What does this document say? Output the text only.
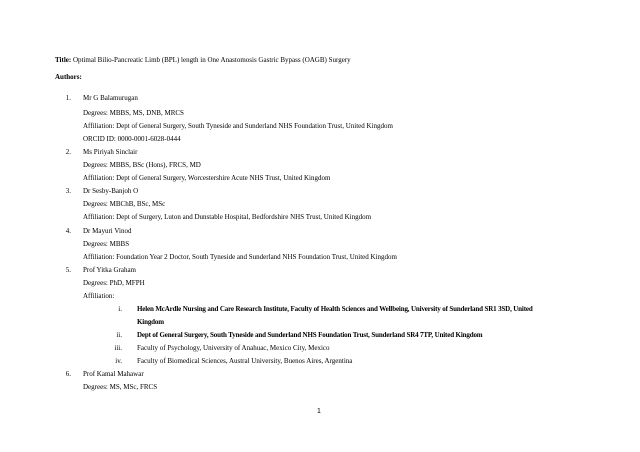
Title: Optimal Bilio-Pancreatic Limb (BPL) length in One Anastomosis Gastric Bypass (OAGB) Surgery
Authors:
1. Mr G Balamurugan
Degrees: MBBS, MS, DNB, MRCS
Affiliation: Dept of General Surgery, South Tyneside and Sunderland NHS Foundation Trust, United Kingdom
ORCID ID: 0000-0001-6028-0444
2. Ms Piriyah Sinclair
Degrees: MBBS, BSc (Hons), FRCS, MD
Affiliation: Dept of General Surgery, Worcestershire Acute NHS Trust, United Kingdom
3. Dr Sesby-Banjoh O
Degrees: MBChB, BSc, MSc
Affiliation: Dept of Surgery, Luton and Dunstable Hospital, Bedfordshire NHS Trust, United Kingdom
4. Dr Mayuri Vinod
Degrees: MBBS
Affiliation: Foundation Year 2 Doctor, South Tyneside and Sunderland NHS Foundation Trust, United Kingdom
5. Prof Yitka Graham
Degrees: PhD, MFPH
Affiliation:
i. Helen McArdle Nursing and Care Research Institute, Faculty of Health Sciences and Wellbeing, University of Sunderland SR1 3SD, United
Kingdom
ii. Dept of General Surgery, South Tyneside and Sunderland NHS Foundation Trust, Sunderland SR4 7TP, United Kingdom
iii. Faculty of Psychology, University of Anahuac, Mexico City, Mexico
iv. Faculty of Biomedical Sciences, Austral University, Buenos Aires, Argentina
6. Prof Kamal Mahawar
Degrees: MS, MSc, FRCS
1
